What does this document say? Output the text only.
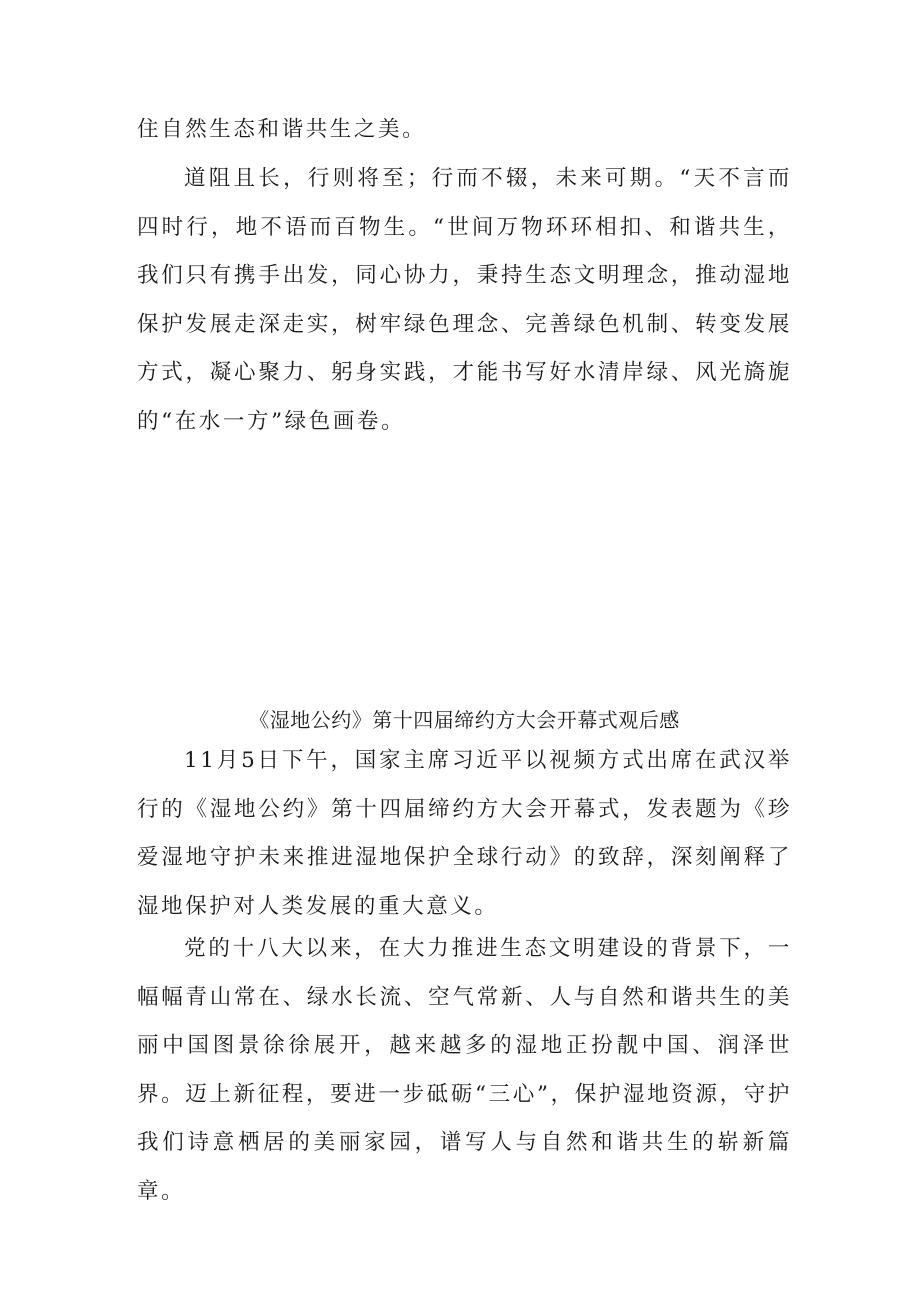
住自然生态和谐共生之美。

道阻且长，行则将至；行而不辍，未来可期。“天不言而四时行，地不语而百物生。“世间万物环环相扣、和谐共生，我们只有携手出发，同心协力，秉持生态文明理念，推动湿地保护发展走深走实，树牢绿色理念、完善绿色机制、转变发展方式，凝心聚力、躬身实践，才能书写好水清岸绿、风光旖旎的“在水一方”绿色画卷。

《湿地公约》第十四届缔约方大会开幕式观后感

11月5日下午，国家主席习近平以视频方式出席在武汉举行的《湿地公约》第十四届缔约方大会开幕式，发表题为《珍爱湿地守护未来推进湿地保护全球行动》的致辞，深刻阐释了湿地保护对人类发展的重大意义。

党的十八大以来，在大力推进生态文明建设的背景下，一幅幅青山常在、绿水长流、空气常新、人与自然和谐共生的美丽中国图景徐徐展开，越来越多的湿地正扮靓中国、润泽世界。迈上新征程，要进一步砥砺“三心”，保护湿地资源，守护我们诗意栖居的美丽家园，谱写人与自然和谐共生的崭新篇章。
